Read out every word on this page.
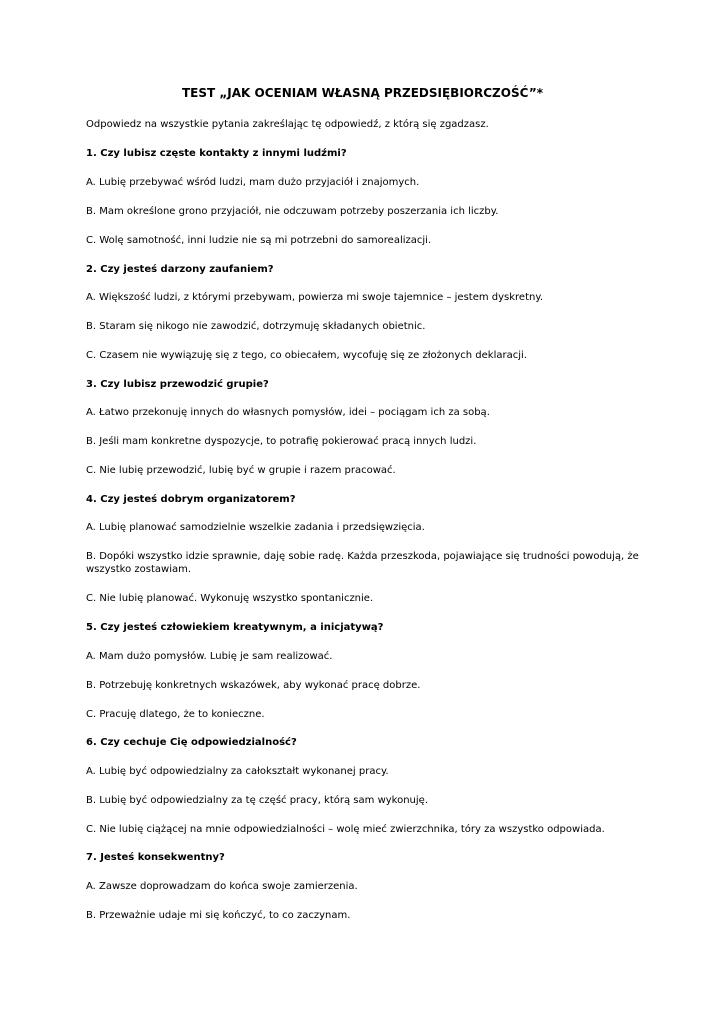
TEST „JAK OCENIAM WŁASNĄ PRZEDSIĘBIORCZOŚĆ”*
Odpowiedz na wszystkie pytania zakreślając tę odpowiedź, z którą się zgadzasz.
1. Czy lubisz częste kontakty z innymi ludźmi?
A. Lubię przebywać wśród ludzi, mam dużo przyjaciół i znajomych.
B. Mam określone grono przyjaciół, nie odczuwam potrzeby poszerzania ich liczby.
C. Wolę samotność, inni ludzie nie są mi potrzebni do samorealizacji.
2. Czy jesteś darzony zaufaniem?
A. Większość ludzi, z którymi przebywam, powierza mi swoje tajemnice – jestem dyskretny.
B. Staram się nikogo nie zawodzić, dotrzymuję składanych obietnic.
C. Czasem nie wywiązuję się z tego, co obiecałem, wycofuję się ze złożonych deklaracji.
3. Czy lubisz przewodzić grupie?
A. Łatwo przekonuję innych do własnych pomysłów, idei – pociągam ich za sobą.
B. Jeśli mam konkretne dyspozycje, to potrafię pokierować pracą innych ludzi.
C. Nie lubię przewodzić, lubię być w grupie i razem pracować.
4. Czy jesteś dobrym organizatorem?
A. Lubię planować samodzielnie wszelkie zadania i przedsięwzięcia.
B. Dopóki wszystko idzie sprawnie, daję sobie radę. Każda przeszkoda, pojawiające się trudności powodują, że wszystko zostawiam.
C. Nie lubię planować. Wykonuję wszystko spontanicznie.
5. Czy jesteś człowiekiem kreatywnym, a inicjatywą?
A. Mam dużo pomysłów. Lubię je sam realizować.
B. Potrzebuję konkretnych wskazówek, aby wykonać pracę dobrze.
C. Pracuję dlatego, że to konieczne.
6. Czy cechuje Cię odpowiedzialność?
A. Lubię być odpowiedzialny za całokształt wykonanej pracy.
B. Lubię być odpowiedzialny za tę część pracy, którą sam wykonuję.
C. Nie lubię ciążącej na mnie odpowiedzialności – wolę mieć zwierzchnika, tóry za wszystko odpowiada.
7. Jesteś konsekwentny?
A. Zawsze doprowadzam do końca swoje zamierzenia.
B. Przeważnie udaje mi się kończyć, to co zaczynam.
